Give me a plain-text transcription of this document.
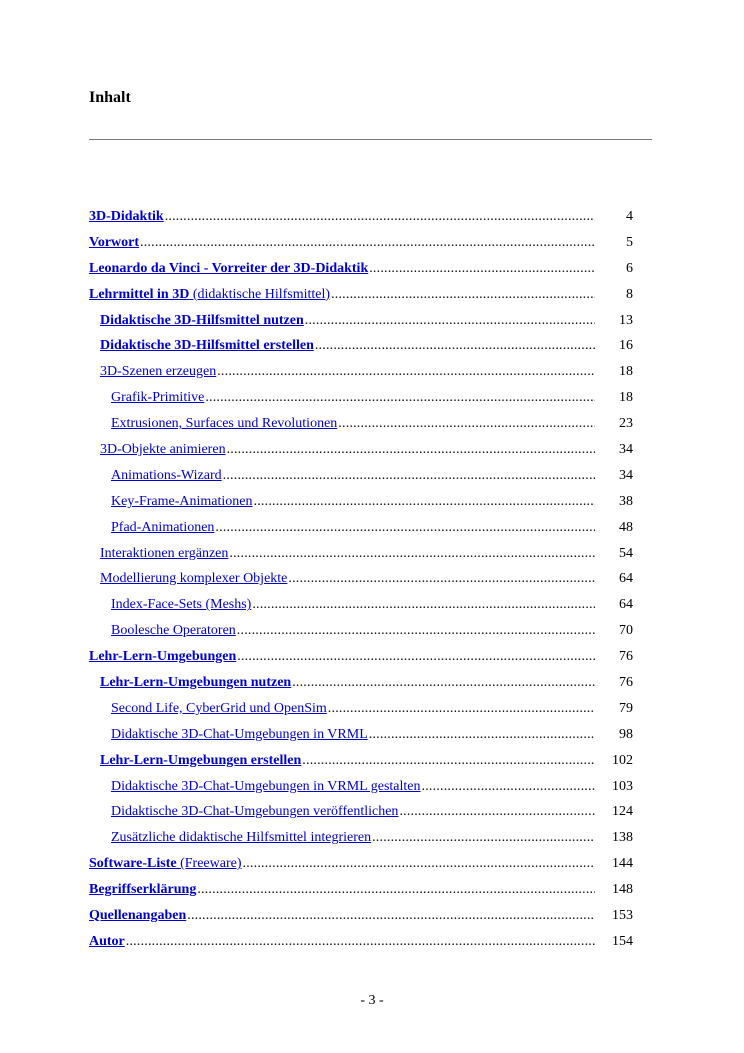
Inhalt
3D-Didaktik .....	4
Vorwort .....	5
Leonardo da Vinci - Vorreiter der 3D-Didaktik .....	6
Lehrmittel in 3D (didaktische Hilfsmittel) .....	8
Didaktische 3D-Hilfsmittel nutzen .....	13
Didaktische 3D-Hilfsmittel erstellen .....	16
3D-Szenen erzeugen .....	18
Grafik-Primitive .....	18
Extrusionen, Surfaces und Revolutionen .....	23
3D-Objekte animieren .....	34
Animations-Wizard .....	34
Key-Frame-Animationen .....	38
Pfad-Animationen .....	48
Interaktionen ergänzen .....	54
Modellierung komplexer Objekte .....	64
Index-Face-Sets (Meshs) .....	64
Boolesche Operatoren .....	70
Lehr-Lern-Umgebungen .....	76
Lehr-Lern-Umgebungen nutzen .....	76
Second Life, CyberGrid und OpenSim .....	79
Didaktische 3D-Chat-Umgebungen in VRML .....	98
Lehr-Lern-Umgebungen erstellen .....	102
Didaktische 3D-Chat-Umgebungen in VRML gestalten .....	103
Didaktische 3D-Chat-Umgebungen veröffentlichen .....	124
Zusätzliche didaktische Hilfsmittel integrieren .....	138
Software-Liste (Freeware) .....	144
Begriffserklärung .....	148
Quellenangaben .....	153
Autor .....	154
- 3 -
